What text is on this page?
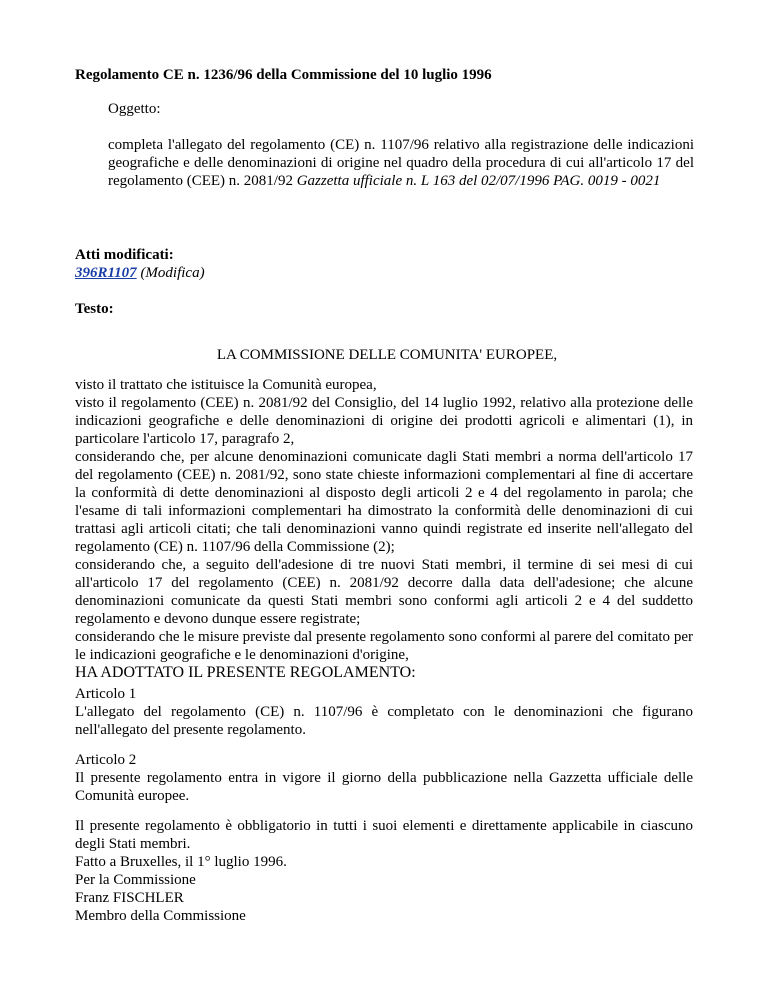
Regolamento CE n. 1236/96 della Commissione del 10 luglio 1996
Oggetto:
completa l'allegato del regolamento (CE) n. 1107/96 relativo alla registrazione delle indicazioni geografiche e delle denominazioni di origine nel quadro della procedura di cui all'articolo 17 del regolamento (CEE) n. 2081/92 Gazzetta ufficiale n. L 163 del 02/07/1996 PAG. 0019 - 0021
Atti modificati:
396R1107 (Modifica)
Testo:
LA COMMISSIONE DELLE COMUNITA' EUROPEE,

visto il trattato che istituisce la Comunità europea,

visto il regolamento (CEE) n. 2081/92 del Consiglio, del 14 luglio 1992, relativo alla protezione delle indicazioni geografiche e delle denominazioni di origine dei prodotti agricoli e alimentari (1), in particolare l'articolo 17, paragrafo 2,

considerando che, per alcune denominazioni comunicate dagli Stati membri a norma dell'articolo 17 del regolamento (CEE) n. 2081/92, sono state chieste informazioni complementari al fine di accertare la conformità di dette denominazioni al disposto degli articoli 2 e 4 del regolamento in parola; che l'esame di tali informazioni complementari ha dimostrato la conformità delle denominazioni di cui trattasi agli articoli citati; che tali denominazioni vanno quindi registrate ed inserite nell'allegato del regolamento (CE) n. 1107/96 della Commissione (2);

considerando che, a seguito dell'adesione di tre nuovi Stati membri, il termine di sei mesi di cui all'articolo 17 del regolamento (CEE) n. 2081/92 decorre dalla data dell'adesione; che alcune denominazioni comunicate da questi Stati membri sono conformi agli articoli 2 e 4 del suddetto regolamento e devono dunque essere registrate;

considerando che le misure previste dal presente regolamento sono conformi al parere del comitato per le indicazioni geografiche e le denominazioni d'origine,

HA ADOTTATO IL PRESENTE REGOLAMENTO:

Articolo 1

L'allegato del regolamento (CE) n. 1107/96 è completato con le denominazioni che figurano nell'allegato del presente regolamento.

Articolo 2

Il presente regolamento entra in vigore il giorno della pubblicazione nella Gazzetta ufficiale delle Comunità europee.

Il presente regolamento è obbligatorio in tutti i suoi elementi e direttamente applicabile in ciascuno degli Stati membri.

Fatto a Bruxelles, il 1° luglio 1996.

Per la Commissione

Franz FISCHLER

Membro della Commissione
